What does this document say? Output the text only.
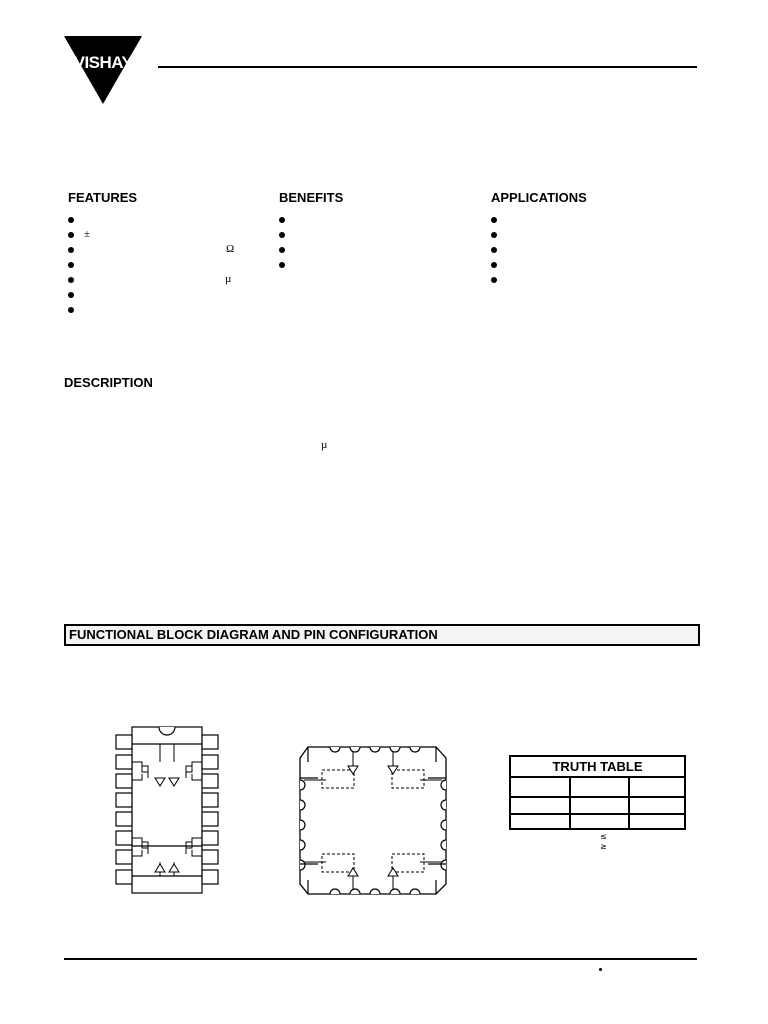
VISHAY
FEATURES
±
Ω
µ
BENEFITS	APPLICATIONS
DESCRIPTION
µ
FUNCTIONAL BLOCK DIAGRAM AND PIN CONFIGURATION
TRUTH TABLE
≤
≥
